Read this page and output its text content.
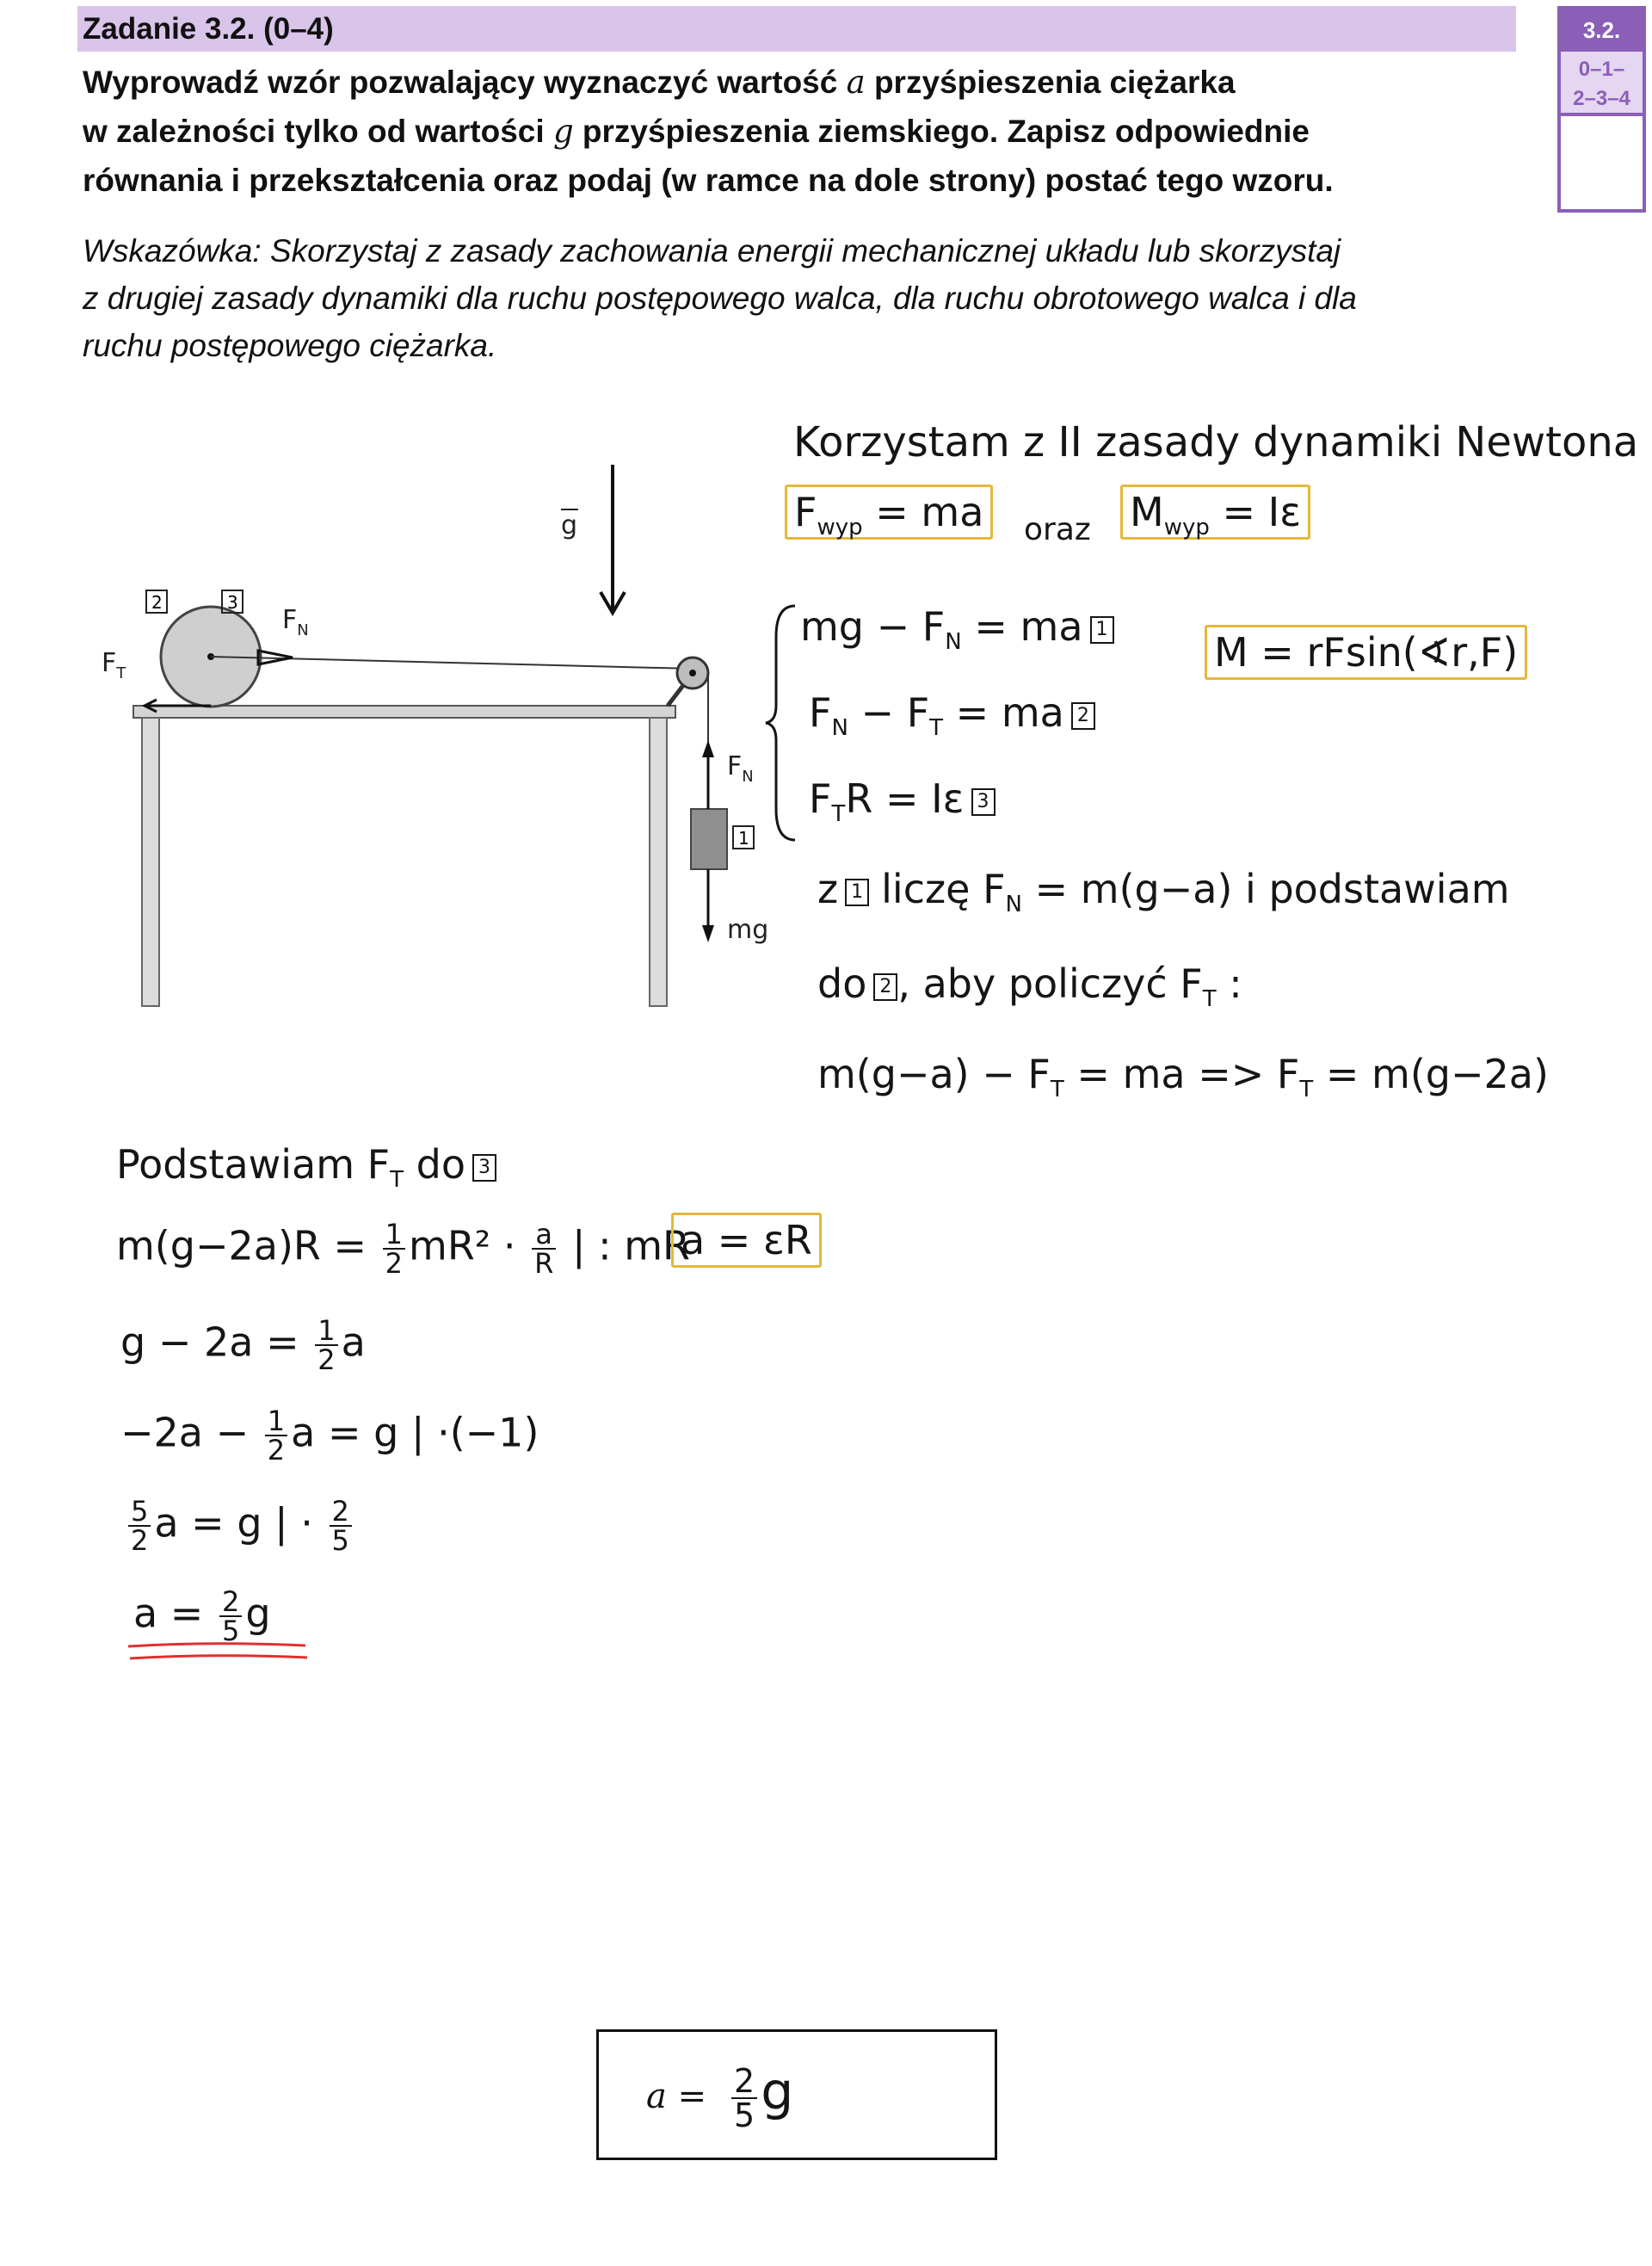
Zadanie 3.2. (0–4)	3.2.
0–1–
2–3–4
Wyprowadź wzór pozwalający wyznaczyć wartość a przyśpieszenia ciężarka
w zależności tylko od wartości g przyśpieszenia ziemskiego. Zapisz odpowiednie
równania i przekształcenia oraz podaj (w ramce na dole strony) postać tego wzoru.
Wskazówka: Skorzystaj z zasady zachowania energii mechanicznej układu lub skorzystaj
z drugiej zasady dynamiki dla ruchu postępowego walca, dla ruchu obrotowego walca i dla
ruchu postępowego ciężarka.
g
$F_T$
$F_N$
2	3
1
$F_N$
mg
Korzystam z II zasady dynamiki Newtona
$F_{wyp}$ = ma	oraz $M_{wyp} = I\varepsilon$
M = rFsin(∢r,F)
mg − $F_N$ = ma 1
$F_N - F_T$ = ma 2
$F_TR = I\varepsilon$ 3
z 1 liczę $F_N = m(g-a)$ i podstawiam
do 2 , aby policzyć $F_T$ :
$m(g-a) - F_T$ = ma => $F_T = m(g-2a)$
Podstawiam $F_T$ do 3
$m(g-2a)R = \frac{1}{2} mR^2 \cdot \frac{a}{R}$ | : mR
a = εR
$g - 2a = \frac{1}{2}$ a
$-2a - \frac{1}{2}$ a = g | ·(−1)
$\frac{5}{2}$ a = g | · $\frac{2}{5}$
$a = \frac{2}{5}$ g
$a = \frac{2}{5}$ g
